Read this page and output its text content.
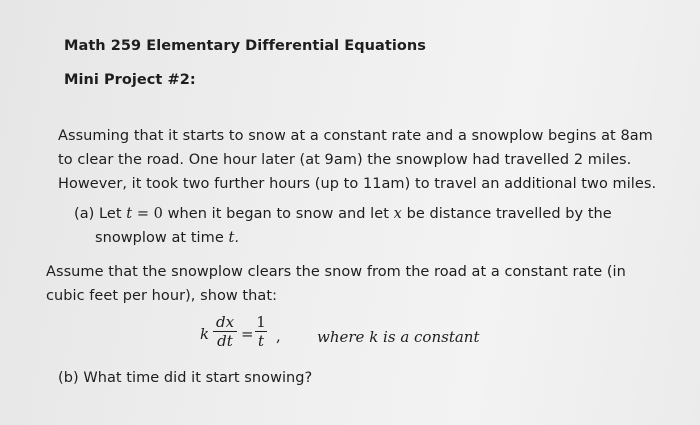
Math 259 Elementary Differential Equations
Mini Project #2:
Assuming that it starts to snow at a constant rate and a snowplow begins at 8am
to clear the road. One hour later (at 9am) the snowplow had travelled 2 miles.
However, it took two further hours (up to 11am) to travel an additional two miles.
(a) Let t = 0 when it began to snow and let x be distance travelled by the
snowplow at time t.
Assume that the snowplow clears the snow from the road at a constant rate (in
cubic feet per hour), show that:
k
dx
dt =
1
t , where k is a constant
(b) What time did it start snowing?
